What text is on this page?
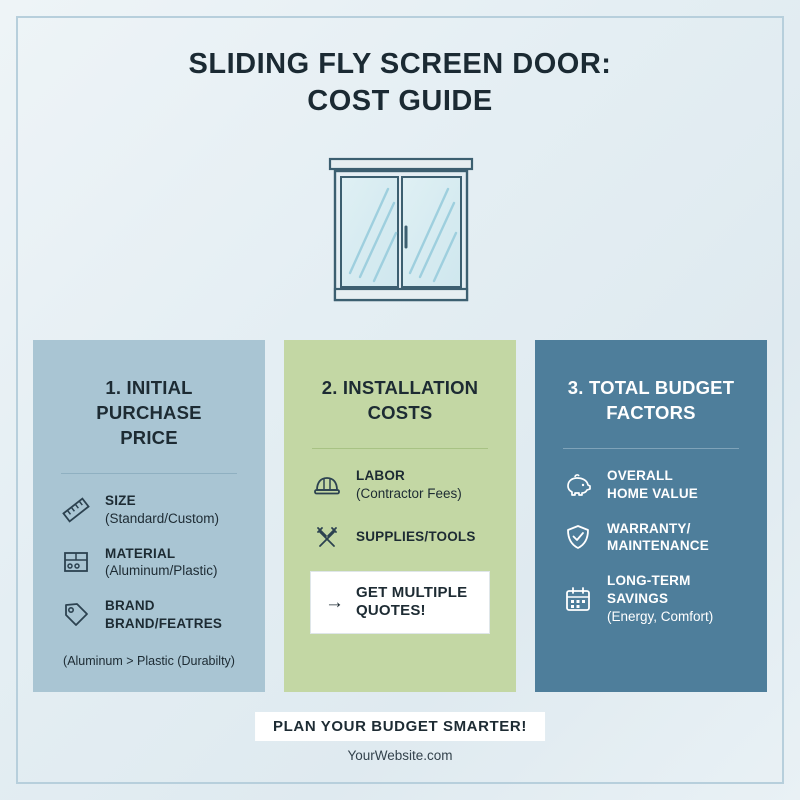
SLIDING FLY SCREEN DOOR:
COST GUIDE
1. INITIAL PURCHASE
PRICE
SIZE
(Standard/Custom)
MATERIAL
(Aluminum/Plastic)
BRAND
BRAND/FEATRES
(Aluminum > Plastic (Durabilty)
2. INSTALLATION
COSTS
LABOR
(Contractor Fees)
SUPPLIES/TOOLS
→ GET MULTIPLE
QUOTES!
3. TOTAL BUDGET
FACTORS
OVERALL
HOME VALUE
WARRANTY/
MAINTENANCE
LONG-TERM SAVINGS
(Energy, Comfort)
PLAN YOUR BUDGET SMARTER!
YourWebsite.com
